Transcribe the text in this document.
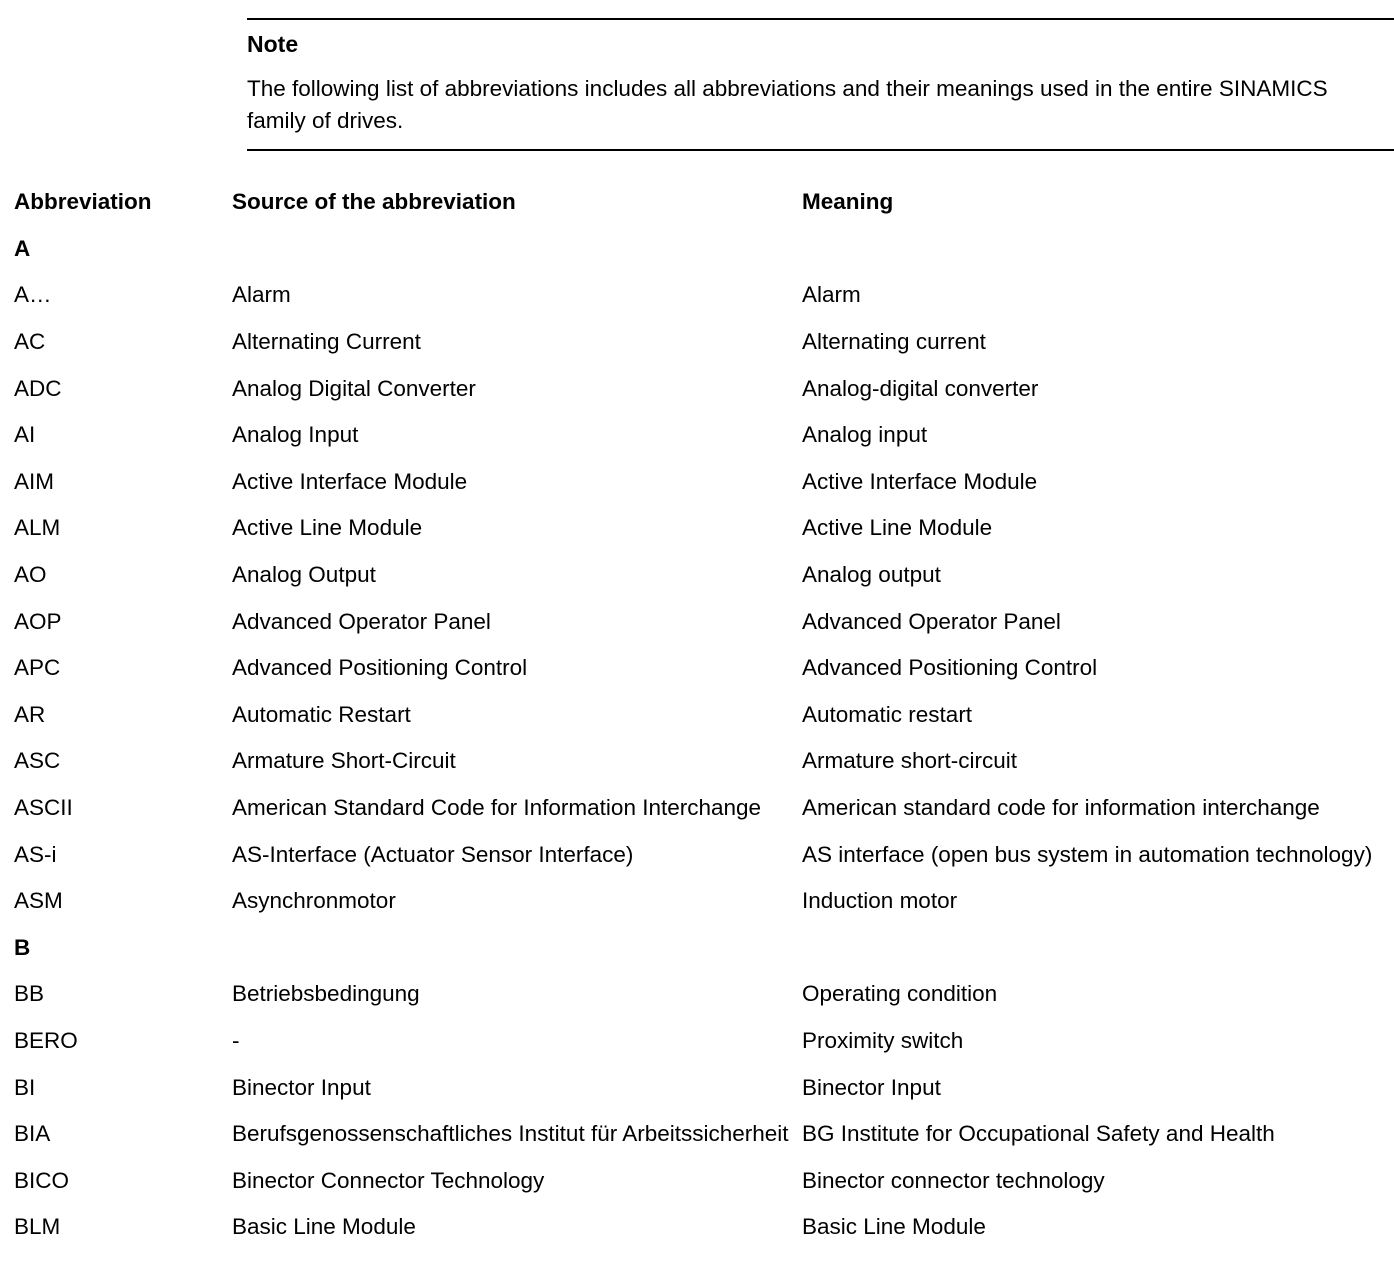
Note
The following list of abbreviations includes all abbreviations and their meanings used in the entire SINAMICS family of drives.
Abbreviation	Source of the abbreviation	Meaning
A		
A…	Alarm	Alarm
AC	Alternating Current	Alternating current
ADC	Analog Digital Converter	Analog-digital converter
AI	Analog Input	Analog input
AIM	Active Interface Module	Active Interface Module
ALM	Active Line Module	Active Line Module
AO	Analog Output	Analog output
AOP	Advanced Operator Panel	Advanced Operator Panel
APC	Advanced Positioning Control	Advanced Positioning Control
AR	Automatic Restart	Automatic restart
ASC	Armature Short-Circuit	Armature short-circuit
ASCII	American Standard Code for Information Interchange	American standard code for information interchange
AS-i	AS-Interface (Actuator Sensor Interface)	AS interface (open bus system in automation technology)
ASM	Asynchronmotor	Induction motor
B		
BB	Betriebsbedingung	Operating condition
BERO	-	Proximity switch
BI	Binector Input	Binector Input
BIA	Berufsgenossenschaftliches Institut für Arbeitssicherheit	BG Institute for Occupational Safety and Health
BICO	Binector Connector Technology	Binector connector technology
BLM	Basic Line Module	Basic Line Module
